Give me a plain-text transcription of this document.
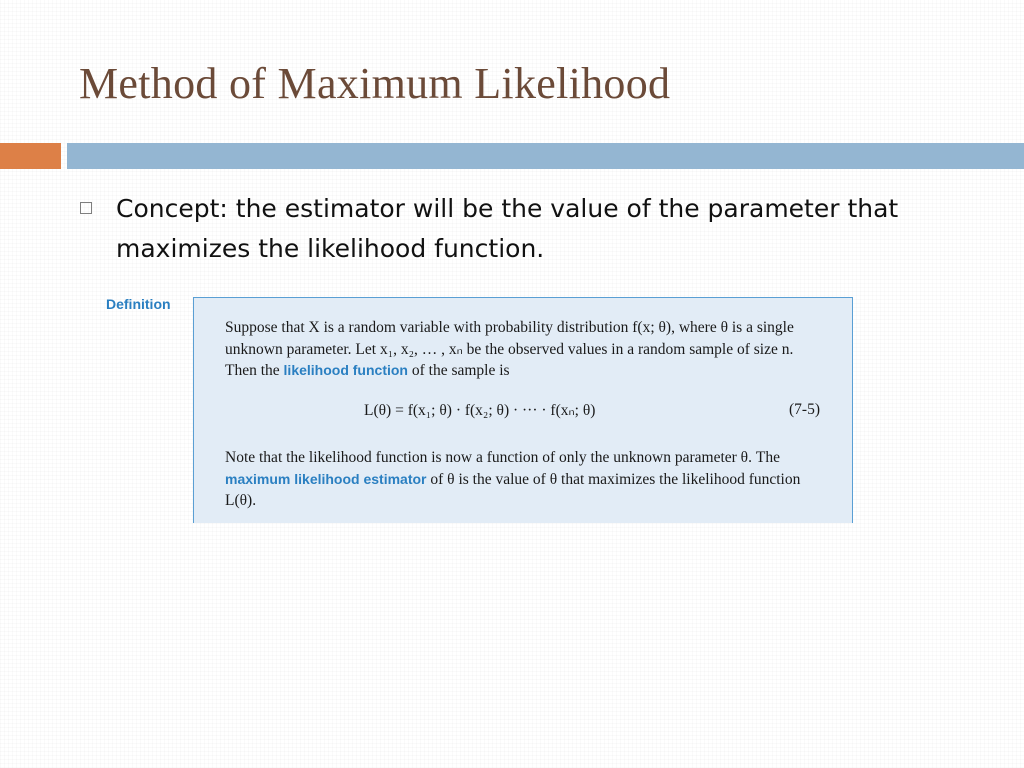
Method of Maximum Likelihood
Concept: the estimator will be the value of the parameter that maximizes the likelihood function.
Definition

Suppose that X is a random variable with probability distribution f(x; θ), where θ is a single unknown parameter. Let x₁, x₂, … , xₙ be the observed values in a random sample of size n. Then the likelihood function of the sample is

L(θ) = f(x₁; θ) · f(x₂; θ) · ··· · f(xₙ; θ)	(7-5)

Note that the likelihood function is now a function of only the unknown parameter θ. The maximum likelihood estimator of θ is the value of θ that maximizes the likelihood function L(θ).
